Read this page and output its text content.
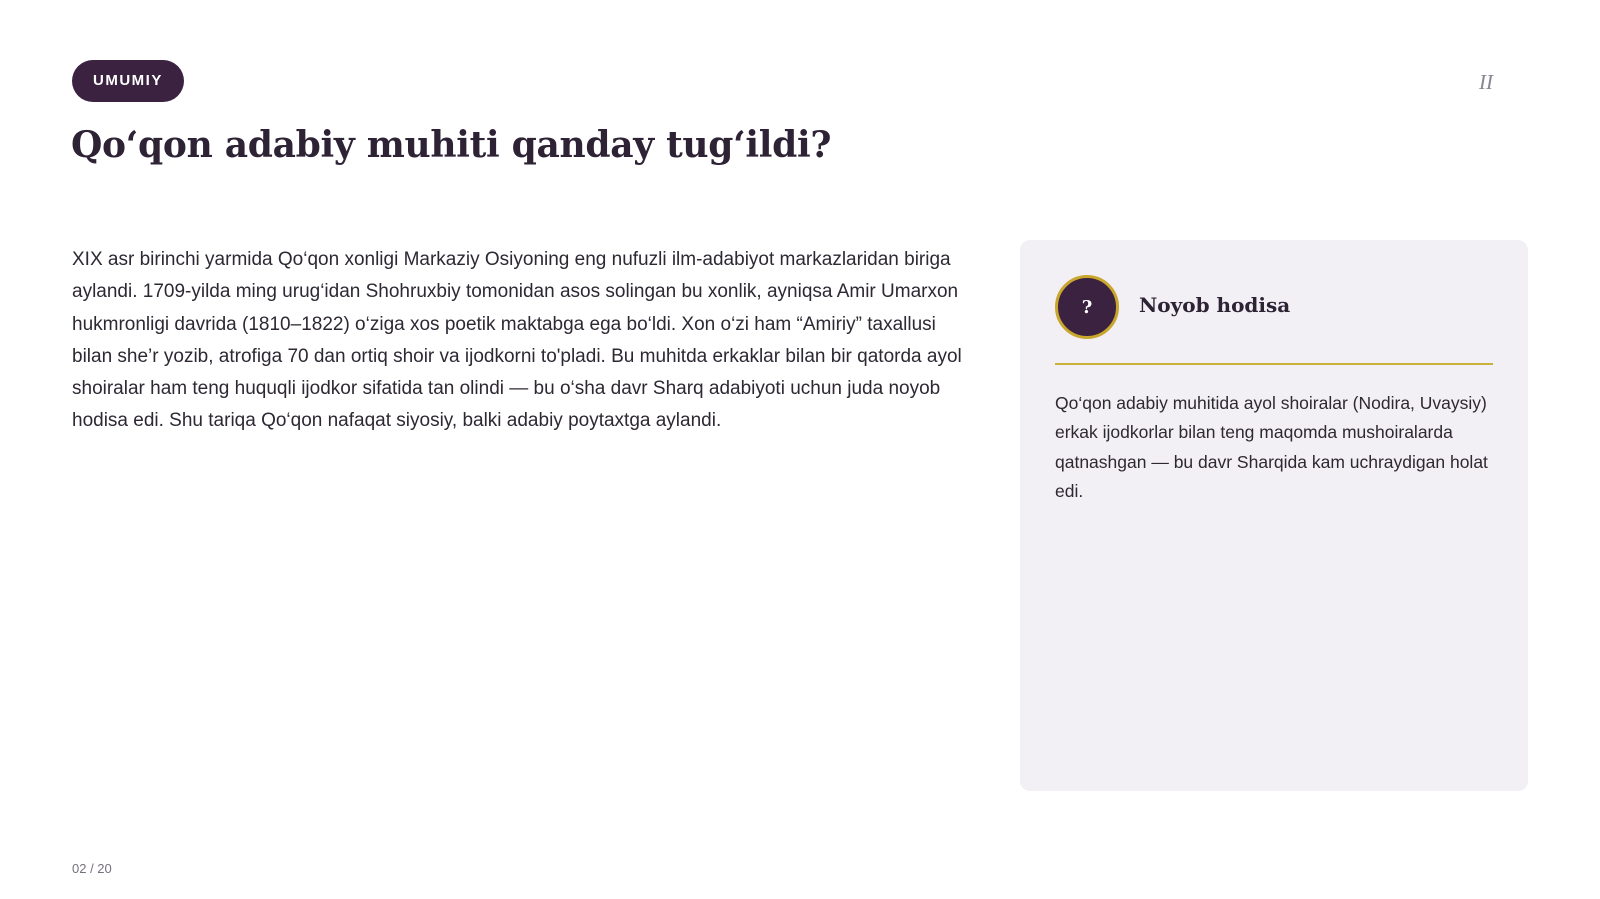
UMUMIY	II
Qo‘qon adabiy muhiti qanday tug‘ildi?

XIX asr birinchi yarmida Qo‘qon xonligi Markaziy Osiyoning eng nufuzli ilm-adabiyot markazlaridan biriga aylandi. 1709-yilda ming urug‘idan Shohruxbiy tomonidan asos solingan bu xonlik, ayniqsa Amir Umarxon hukmronligi davrida (1810–1822) o‘ziga xos poetik maktabga ega bo‘ldi. Xon o‘zi ham “Amiriy” taxallusi bilan she’r yozib, atrofiga 70 dan ortiq shoir va ijodkorni to'pladi. Bu muhitda erkaklar bilan bir qatorda ayol shoiralar ham teng huquqli ijodkor sifatida tan olindi — bu o‘sha davr Sharq adabiyoti uchun juda noyob hodisa edi. Shu tariqa Qo‘qon nafaqat siyosiy, balki adabiy poytaxtga aylandi.

?	Noyob hodisa

Qo‘qon adabiy muhitida ayol shoiralar (Nodira, Uvaysiy) erkak ijodkorlar bilan teng maqomda mushoiralarda qatnashgan — bu davr Sharqida kam uchraydigan holat edi.

02 / 20
